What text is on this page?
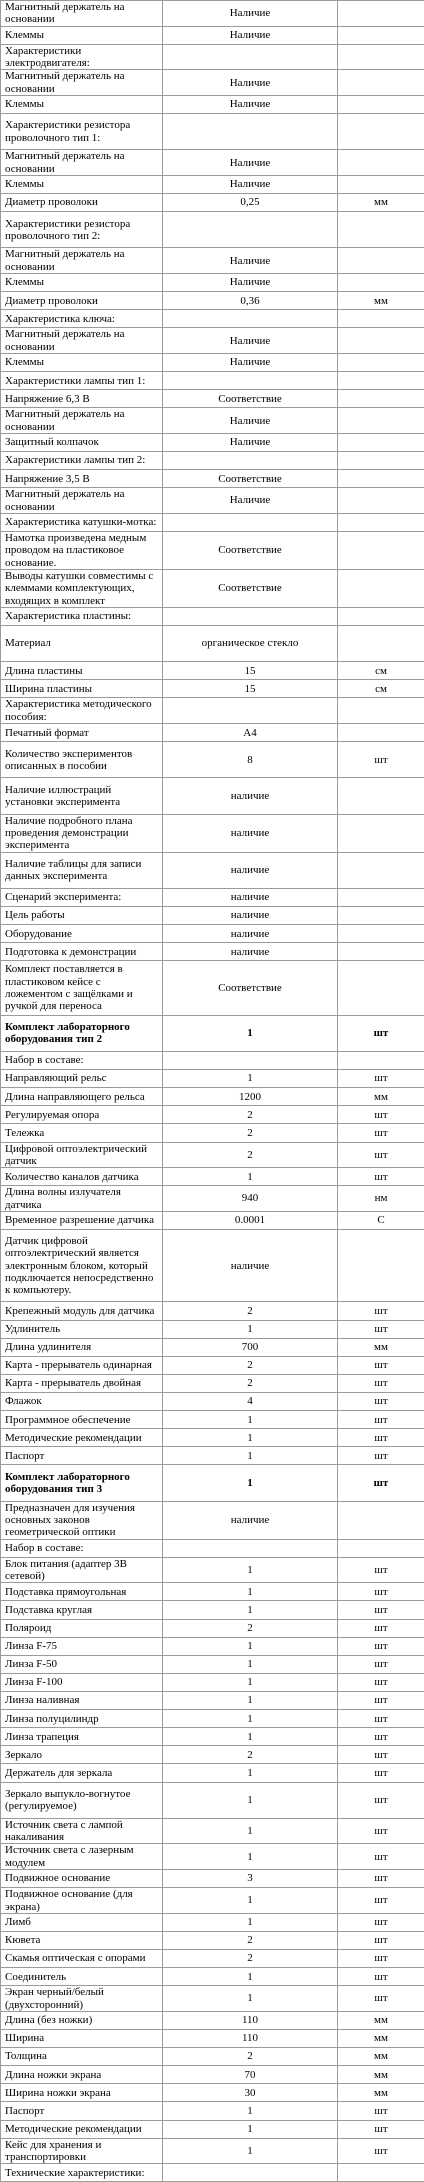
Магнитный держатель на основании	Наличие	
Клеммы	Наличие	
Характеристики электродвигателя:		
Магнитный держатель на основании	Наличие	
Клеммы	Наличие	
Характеристики резистора проволочного тип 1:		
Магнитный держатель на основании	Наличие	
Клеммы	Наличие	
Диаметр проволоки	0,25	мм
Характеристики резистора проволочного тип 2:		
Магнитный держатель на основании	Наличие	
Клеммы	Наличие	
Диаметр проволоки	0,36	мм
Характеристика ключа:		
Магнитный держатель на основании	Наличие	
Клеммы	Наличие	
Характеристики лампы тип 1:		
Напряжение 6,3 В	Соответствие	
Магнитный держатель на основании	Наличие	
Защитный колпачок	Наличие	
Характеристики лампы тип 2:		
Напряжение 3,5 В	Соответствие	
Магнитный держатель на основании	Наличие	
Характеристика катушки-мотка:		
Намотка произведена медным проводом на пластиковое основание.	Соответствие	
Выводы катушки совместимы с клеммами комплектующих, входящих в комплект	Соответствие	
Характеристика пластины:		
Материал	органическое стекло	
Длина пластины	15	см
Ширина пластины	15	см
Характеристика методического пособия:		
Печатный формат	А4	
Количество экспериментов описанных в пособии	8	шт
Наличие иллюстраций установки эксперимента	наличие	
Наличие подробного плана проведения демонстрации эксперимента	наличие	
Наличие таблицы для записи данных эксперимента	наличие	
Сценарий эксперимента:	наличие	
Цель работы	наличие	
Оборудование	наличие	
Подготовка к демонстрации	наличие	
Комплект поставляется в пластиковом кейсе с ложементом с защёлками и ручкой для переноса	Соответствие	
Комплект лабораторного оборудования тип 2	1	шт
Набор в составе:		
Направляющий рельс	1	шт
Длина направляющего рельса	1200	мм
Регулируемая опора	2	шт
Тележка	2	шт
Цифровой оптоэлектрический датчик	2	шт
Количество каналов датчика	1	шт
Длина волны излучателя датчика	940	нм
Временное разрешение датчика	0.0001	С
Датчик цифровой оптоэлектрический является электронным блоком, который подключается непосредственно к компьютеру.	наличие	
Крепежный модуль для датчика	2	шт
Удлинитель	1	шт
Длина удлинителя	700	мм
Карта - прерыватель одинарная	2	шт
Карта - прерыватель двойная	2	шт
Флажок	4	шт
Программное обеспечение	1	шт
Методические рекомендации	1	шт
Паспорт	1	шт
Комплект лабораторного оборудования тип 3	1	шт
Предназначен для изучения основных законов геометрической оптики	наличие	
Набор в составе:		
Блок питания (адаптер 3В сетевой)	1	шт
Подставка прямоугольная	1	шт
Подставка круглая	1	шт
Поляроид	2	шт
Линза F-75	1	шт
Линза F-50	1	шт
Линза F-100	1	шт
Линза наливная	1	шт
Линза полуцилиндр	1	шт
Линза трапеция	1	шт
Зеркало	2	шт
Держатель для зеркала	1	шт
Зеркало выпукло-вогнутое (регулируемое)	1	шт
Источник света с лампой накаливания	1	шт
Источник света с лазерным модулем	1	шт
Подвижное основание	3	шт
Подвижное основание (для экрана)	1	шт
Лимб	1	шт
Кювета	2	шт
Скамья оптическая с опорами	2	шт
Соединитель	1	шт
Экран черный/белый (двухсторонний)	1	шт
Длина (без ножки)	110	мм
Ширина	110	мм
Толщина	2	мм
Длина ножки экрана	70	мм
Ширина ножки экрана	30	мм
Паспорт	1	шт
Методические рекомендации	1	шт
Кейс для хранения и транспортировки	1	шт
Технические характеристики:		
